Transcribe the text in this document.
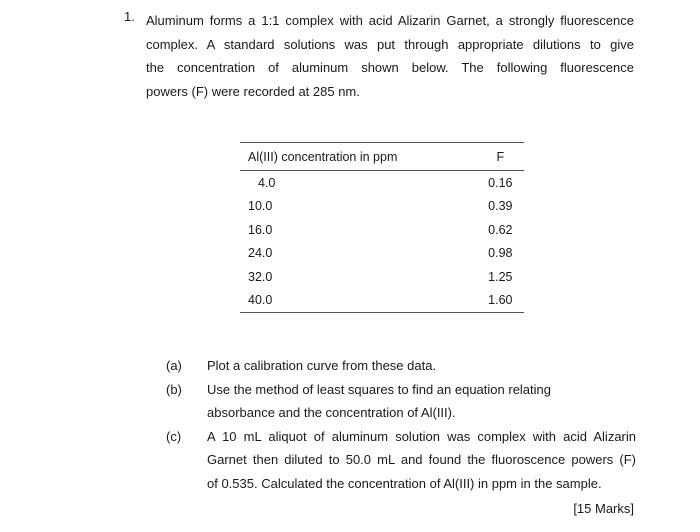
1. Aluminum forms a 1:1 complex with acid Alizarin Garnet, a strongly fluorescence
complex. A standard solutions was put through appropriate dilutions to give
the concentration of aluminum shown below. The following fluorescence
powers (F) were recorded at 285 nm.
Al(III) concentration in ppm	F
4.0	0.16
10.0	0.39
16.0	0.62
24.0	0.98
32.0	1.25
40.0	1.60
(a) Plot a calibration curve from these data.
(b) Use the method of least squares to find an equation relating
absorbance and the concentration of Al(III).
(c) A 10 mL aliquot of aluminum solution was complex with acid Alizarin
Garnet then diluted to 50.0 mL and found the fluoroscence powers (F)
of 0.535. Calculated the concentration of Al(III) in ppm in the sample.
[15 Marks]
